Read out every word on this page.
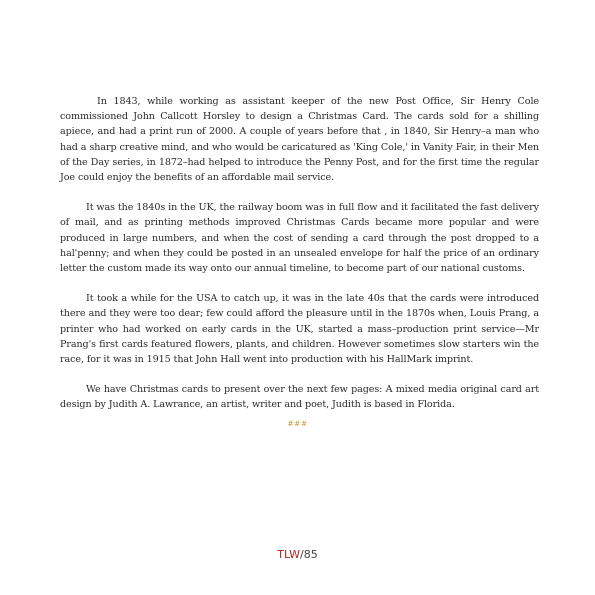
In 1843, while working as assistant keeper of the new Post Office, Sir Henry Cole commissioned John Callcott Horsley to design a Christmas Card. The cards sold for a shilling apiece, and had a print run of 2000. A couple of years before that , in 1840, Sir Henry–a man who had a sharp creative mind, and who would be caricatured as 'King Cole,' in Vanity Fair, in their Men of the Day series, in 1872–had helped to introduce the Penny Post, and for the first time the regular Joe could enjoy the benefits of an affordable mail service.

It was the 1840s in the UK, the railway boom was in full flow and it facilitated the fast delivery of mail, and as printing methods improved Christmas Cards became more popular and were produced in large numbers, and when the cost of sending a card through the post dropped to a hal'penny; and when they could be posted in an unsealed envelope for half the price of an ordinary letter the custom made its way onto our annual timeline, to become part of our national customs.

It took a while for the USA to catch up, it was in the late 40s that the cards were introduced there and they were too dear; few could afford the pleasure until in the 1870s when, Louis Prang, a printer who had worked on early cards in the UK, started a mass–production print service—Mr Prang's first cards featured flowers, plants, and children. However sometimes slow starters win the race, for it was in 1915 that John Hall went into production with his HallMark imprint.

We have Christmas cards to present over the next few pages: A mixed media original card art design by Judith A. Lawrance, an artist, writer and poet, Judith is based in Florida.

###
TLW/85
